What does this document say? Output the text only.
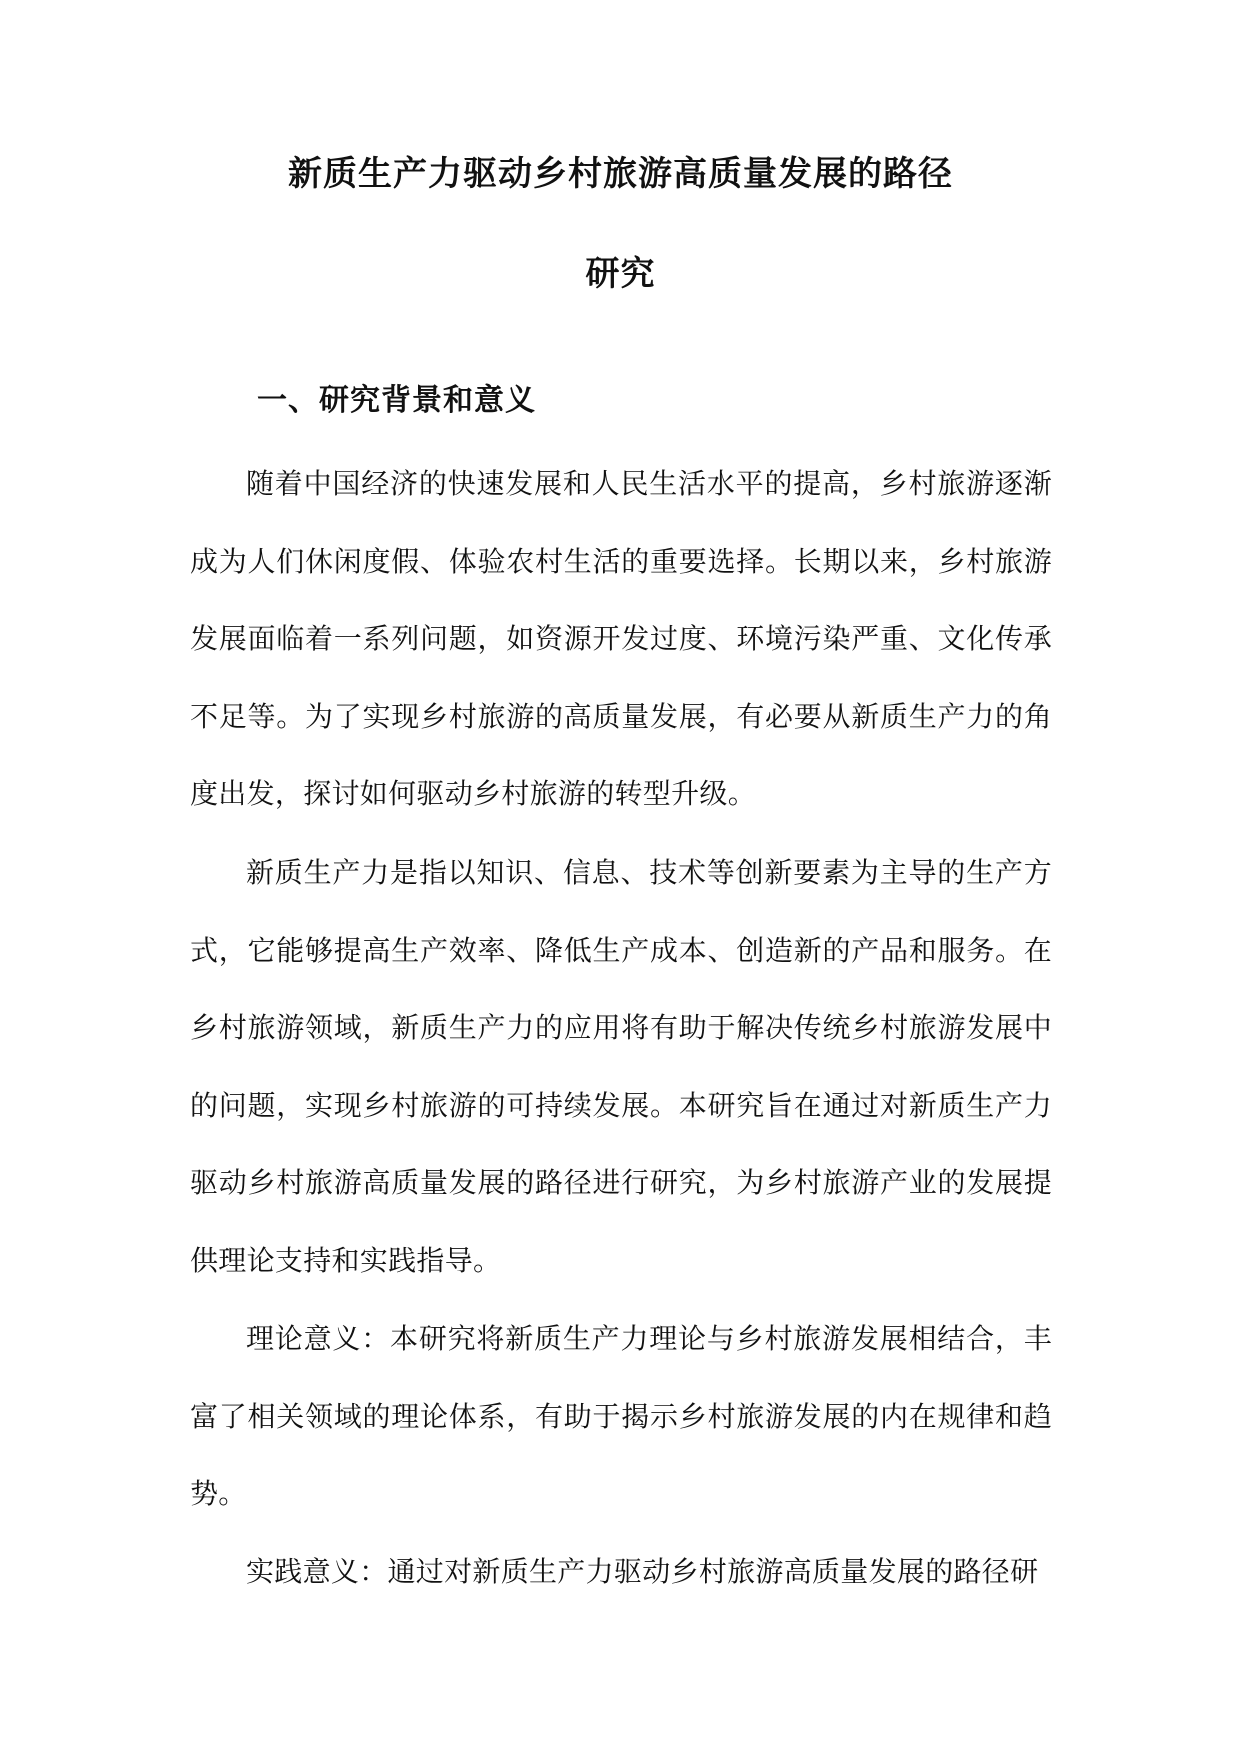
新质生产力驱动乡村旅游高质量发展的路径
研究
一、研究背景和意义
随着中国经济的快速发展和人民生活水平的提高，乡村旅游逐渐成为人们休闲度假、体验农村生活的重要选择。长期以来，乡村旅游发展面临着一系列问题，如资源开发过度、环境污染严重、文化传承不足等。为了实现乡村旅游的高质量发展，有必要从新质生产力的角度出发，探讨如何驱动乡村旅游的转型升级。
新质生产力是指以知识、信息、技术等创新要素为主导的生产方式，它能够提高生产效率、降低生产成本、创造新的产品和服务。在乡村旅游领域，新质生产力的应用将有助于解决传统乡村旅游发展中的问题，实现乡村旅游的可持续发展。本研究旨在通过对新质生产力驱动乡村旅游高质量发展的路径进行研究，为乡村旅游产业的发展提供理论支持和实践指导。
理论意义：本研究将新质生产力理论与乡村旅游发展相结合，丰富了相关领域的理论体系，有助于揭示乡村旅游发展的内在规律和趋势。
实践意义：通过对新质生产力驱动乡村旅游高质量发展的路径研
